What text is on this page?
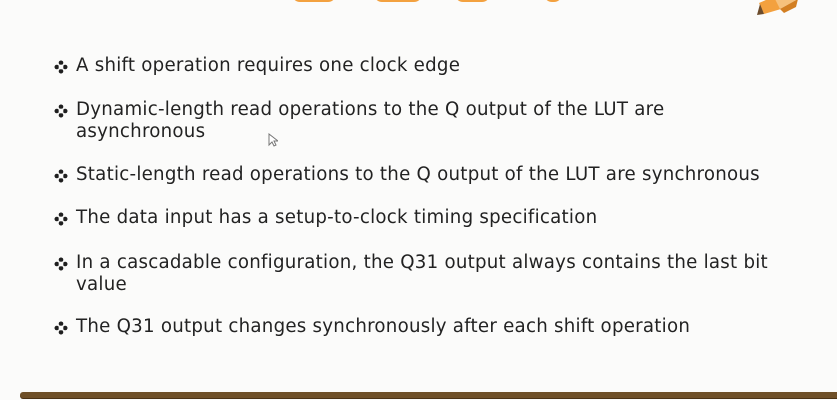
A shift operation requires one clock edge
Dynamic-length read operations to the Q output of the LUT are asynchronous
Static-length read operations to the Q output of the LUT are synchronous
The data input has a setup-to-clock timing specification
In a cascadable configuration, the Q31 output always contains the last bit value
The Q31 output changes synchronously after each shift operation
